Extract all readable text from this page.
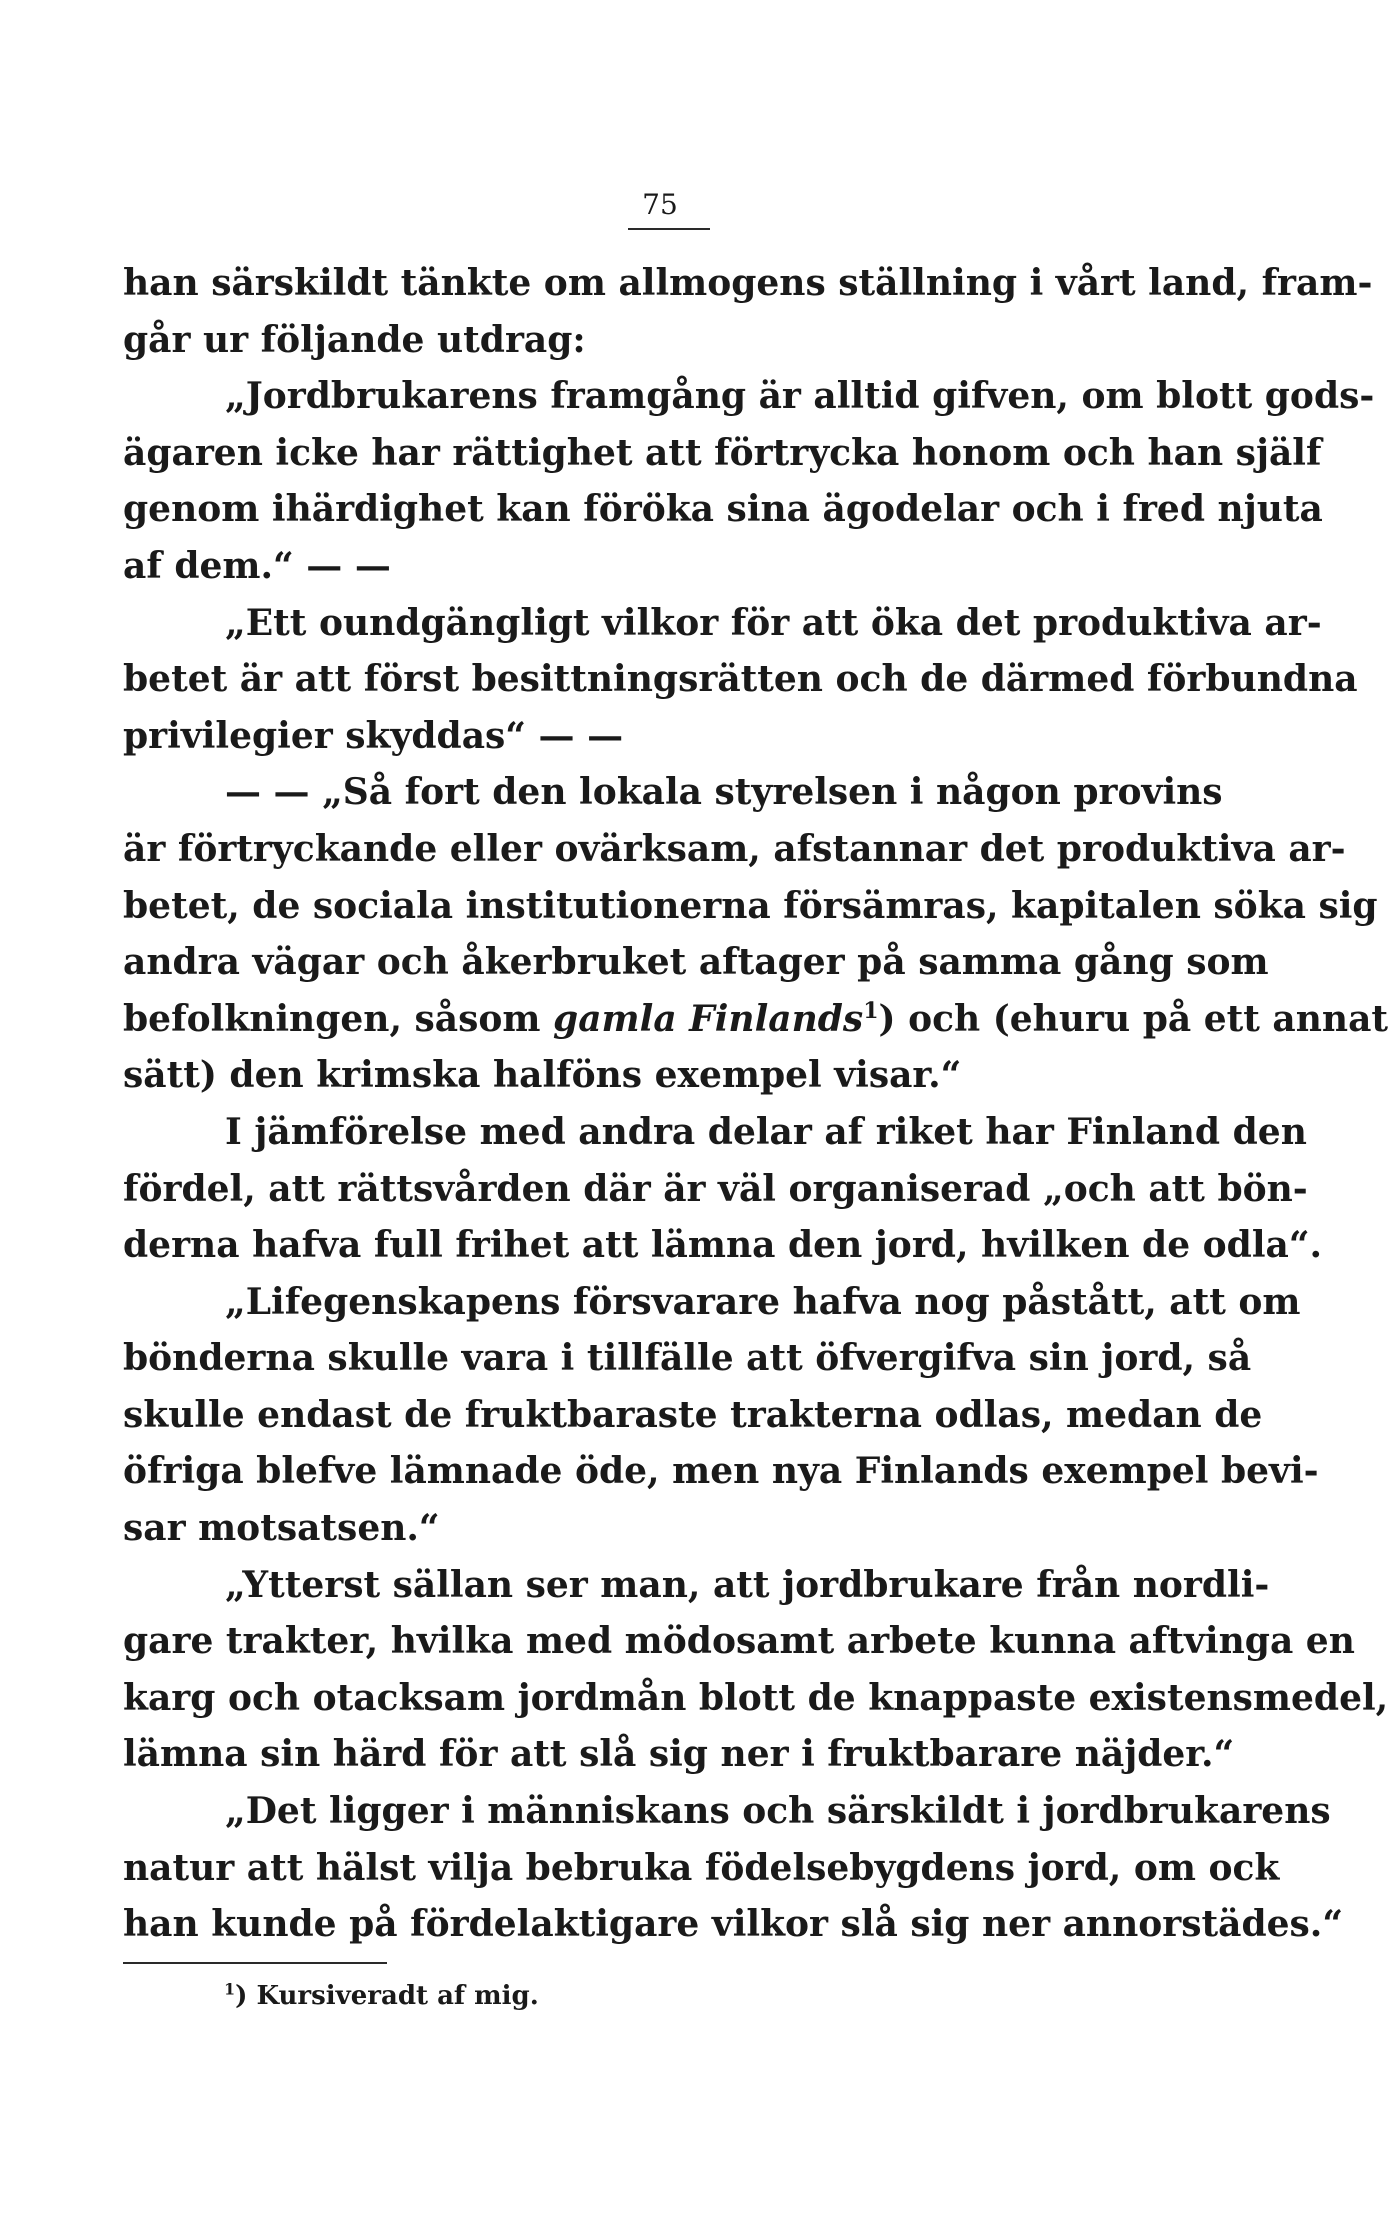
75
han särskildt tänkte om allmogens ställning i vårt land, fram-
går ur följande utdrag:
„Jordbrukarens framgång är alltid gifven, om blott gods-
ägaren icke har rättighet att förtrycka honom och han själf
genom ihärdighet kan föröka sina ägodelar och i fred njuta
af dem.“ — —
„Ett oundgängligt vilkor för att öka det produktiva ar-
betet är att först besittningsrätten och de därmed förbundna
privilegier skyddas“ — —
— — „Så fort den lokala styrelsen i någon provins
är förtryckande eller ovärksam, afstannar det produktiva ar-
betet, de sociala institutionerna försämras, kapitalen söka sig
andra vägar och åkerbruket aftager på samma gång som
befolkningen, såsom gamla Finlands$^1$) och (ehuru på ett annat
sätt) den krimska halföns exempel visar.“
I jämförelse med andra delar af riket har Finland den
fördel, att rättsvården där är väl organiserad „och att bön-
derna hafva full frihet att lämna den jord, hvilken de odla“.
„Lifegenskapens försvarare hafva nog påstått, att om
bönderna skulle vara i tillfälle att öfvergifva sin jord, så
skulle endast de fruktbaraste trakterna odlas, medan de
öfriga blefve lämnade öde, men nya Finlands exempel bevi-
sar motsatsen.“
„Ytterst sällan ser man, att jordbrukare från nordli-
gare trakter, hvilka med mödosamt arbete kunna aftvinga en
karg och otacksam jordmån blott de knappaste existensmedel,
lämna sin härd för att slå sig ner i fruktbarare näjder.“
„Det ligger i människans och särskildt i jordbrukarens
natur att hälst vilja bebruka födelsebygdens jord, om ock
han kunde på fördelaktigare vilkor slå sig ner annorstädes.“
$^1$) Kursiveradt af mig.
